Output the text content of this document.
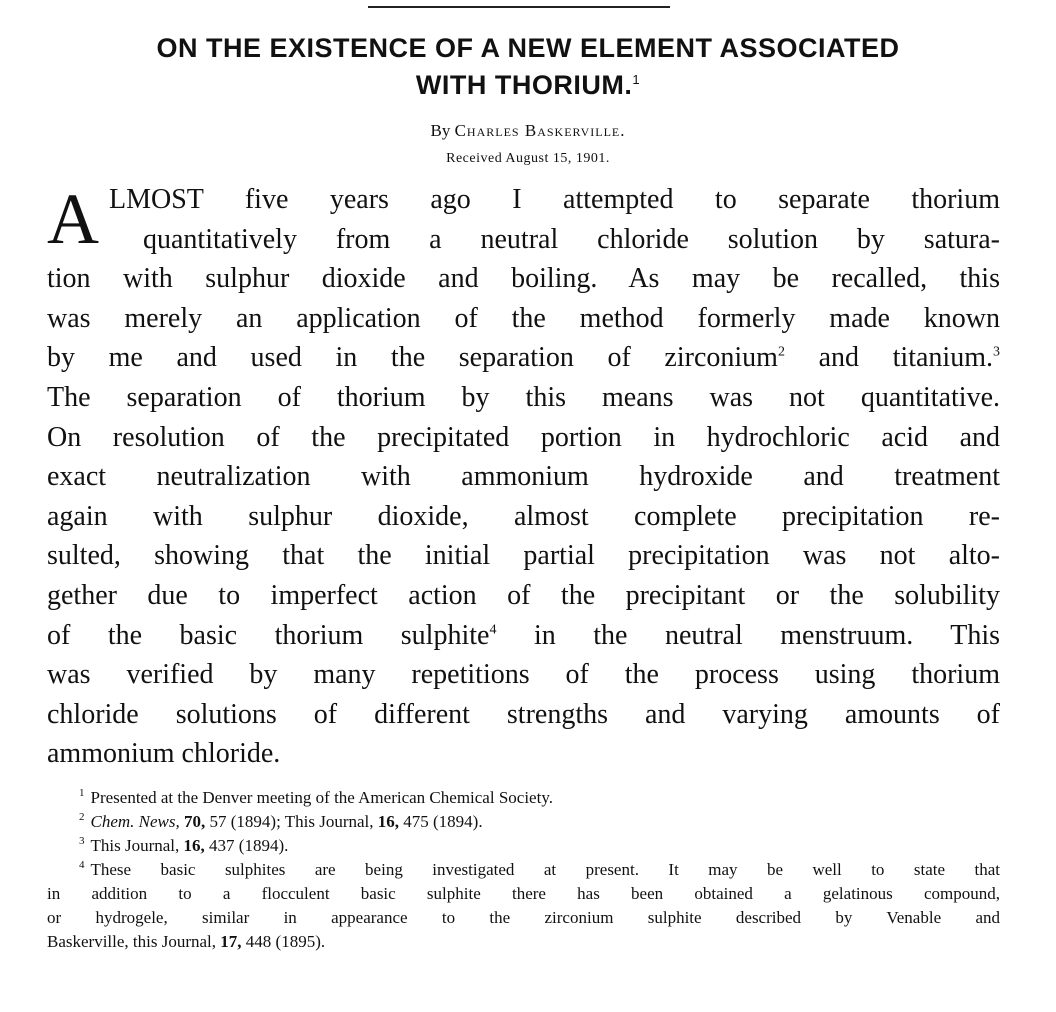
ON THE EXISTENCE OF A NEW ELEMENT ASSOCIATED
WITH THORIUM.$^1$
By Charles Baskerville.
Received August 15, 1901.
A LMOST five years ago I attempted to separate thorium
quantitatively from a neutral chloride solution by satura-
tion with sulphur dioxide and boiling. As may be recalled, this
was merely an application of the method formerly made known
by me and used in the separation of zirconium$^2$ and titanium.$^3$
The separation of thorium by this means was not quantitative.
On resolution of the precipitated portion in hydrochloric acid and
exact neutralization with ammonium hydroxide and treatment
again with sulphur dioxide, almost complete precipitation re-
sulted, showing that the initial partial precipitation was not alto-
gether due to imperfect action of the precipitant or the solubility
of the basic thorium sulphite$^4$ in the neutral menstruum. This
was verified by many repetitions of the process using thorium
chloride solutions of different strengths and varying amounts of
ammonium chloride.
$^1$ Presented at the Denver meeting of the American Chemical Society.
$^2$ Chem. News, 70, 57 (1894); This Journal, 16, 475 (1894).
$^3$ This Journal, 16, 437 (1894).
$^4$ These basic sulphites are being investigated at present. It may be well to state that
in addition to a flocculent basic sulphite there has been obtained a gelatinous compound,
or hydrogele, similar in appearance to the zirconium sulphite described by Venable and
Baskerville, this Journal, 17, 448 (1895).
